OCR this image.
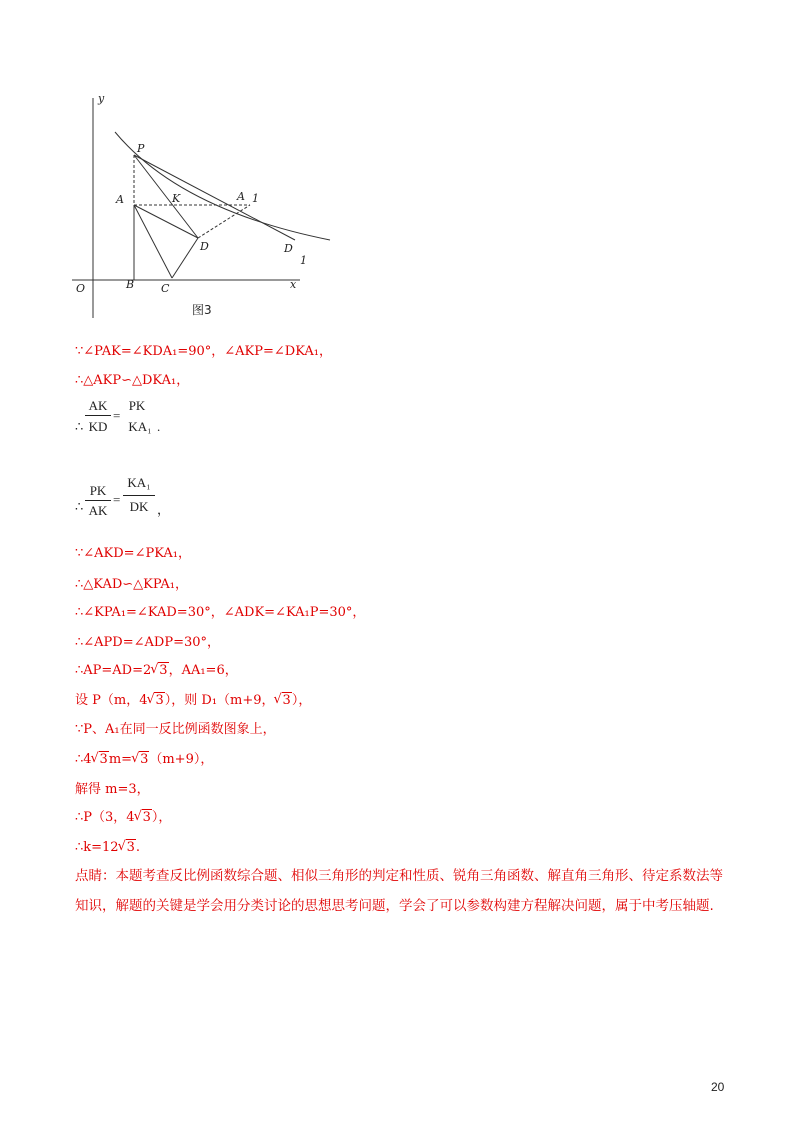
y
x
O
P
A	K	A 1
D	D
1
B C
图3
∵∠PAK=∠KDA₁=90°，∠AKP=∠DKA₁，
∴△AKP∽△DKA₁，
AK
∴ KD
=
PK
KA₁ .
PK
∴ AK
=
KA₁
DK ，
∵∠AKD=∠PKA₁，
∴△KAD∽△KPA₁，
∴∠KPA₁=∠KAD=30°，∠ADK=∠KA₁P=30°，
∴∠APD=∠ADP=30°，
∴AP=AD=2 √ 3，AA₁=6，
设 P（m，4 √ 3），则 D₁（m+9， √ 3），
∵P、A₁在同一反比例函数图象上，
∴4 √ 3m= √ 3（m+9），
解得 m=3，
∴P（3，4 √ 3），
∴k=12 √ 3.
点睛：本题考查反比例函数综合题、相似三角形的判定和性质、锐角三角函数、解直角三角形、待定系数法等知识，解题的关键是学会用分类讨论的思想思考问题，学会了可以参数构建方程解决问题，属于中考压轴题.
20
